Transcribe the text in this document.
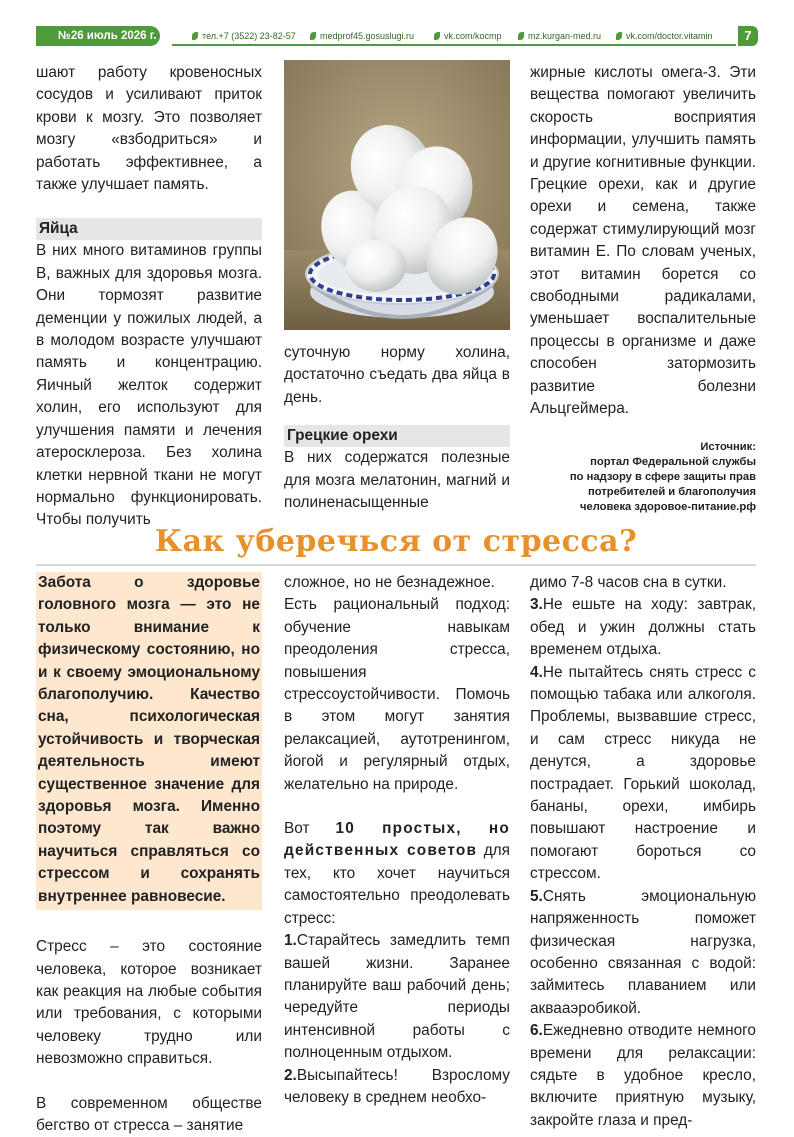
№26 июль 2026 г.	тел.+7 (3522) 23-82-57	medprof45.gosuslugi.ru	vk.com/kocmp	mz.kurgan-med.ru	vk.com/doctor.vitamin	7

шают работу кровеносных сосудов и усиливают приток крови к мозгу. Это позволяет мозгу «взбодриться» и работать эффективнее, а также улучшает память.

Яйца

В них много витаминов группы В, важных для здоровья мозга. Они тормозят развитие деменции у пожилых людей, а в молодом возрасте улучшают память и концентрацию. Яичный желток содержит холин, его используют для улучшения памяти и лечения атеросклероза. Без холина клетки нервной ткани не могут нормально функционировать. Чтобы получить

суточную норму холина, достаточно съедать два яйца в день.

Грецкие орехи

В них содержатся полезные для мозга мелатонин, магний и полиненасыщенные

жирные кислоты омега-3. Эти вещества помогают увеличить скорость восприятия информации, улучшить память и другие когнитивные функции. Грецкие орехи, как и другие орехи и семена, также содержат стимулирующий мозг витамин Е. По словам ученых, этот витамин борется со свободными радикалами, уменьшает воспалительные процессы в организме и даже способен затормозить развитие болезни Альцгеймера.

Источник:
портал Федеральной службы
по надзору в сфере защиты прав
потребителей и благополучия
человека здоровое-питание.рф
Как уберечься от стресса?
Забота о здоровье головного мозга — это не только внимание к физическому состоянию, но и к своему эмоциональному благополучию. Качество сна, психологическая устойчивость и творческая деятельность имеют существенное значение для здоровья мозга. Именно поэтому так важно научиться справляться со стрессом и сохранять внутреннее равновесие.

Стресс – это состояние человека, которое возникает как реакция на любые события или требования, с которыми человеку трудно или невозможно справиться.

В современном обществе бегство от стресса – занятие

сложное, но не безнадежное.

Есть рациональный подход: обучение навыкам преодоления стресса, повышения стрессоустойчивости. Помочь в этом могут занятия релаксацией, аутотренингом, йогой и регулярный отдых, желательно на природе.

Вот 10 простых, но действенных советов для тех, кто хочет научиться самостоятельно преодолевать стресс:

1.Старайтесь замедлить темп вашей жизни. Заранее планируйте ваш рабочий день; чередуйте периоды интенсивной работы с полноценным отдыхом.

2.Высыпайтесь! Взрослому человеку в среднем необхо-

димо 7-8 часов сна в сутки.

3.Не ешьте на ходу: завтрак, обед и ужин должны стать временем отдыха.

4.Не пытайтесь снять стресс с помощью табака или алкоголя. Проблемы, вызвавшие стресс, и сам стресс никуда не денутся, а здоровье пострадает. Горький шоколад, бананы, орехи, имбирь повышают настроение и помогают бороться со стрессом.

5.Снять эмоциональную напряженность поможет физическая нагрузка, особенно связанная с водой: займитесь плаванием или аквааэробикой.

6.Ежедневно отводите немного времени для релаксации: сядьте в удобное кресло, включите приятную музыку, закройте глаза и пред-
